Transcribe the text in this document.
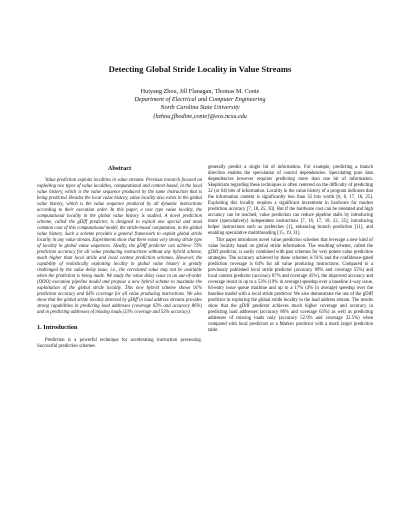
Detecting Global Stride Locality in Value Streams
Huiyang Zhou, Jill Flanagan, Thomas M. Conte
Department of Electrical and Computer Engineering
North Carolina State University
{hzhou,jfbodine,conte}@eos.ncsu.edu
Abstract

Value prediction exploits localities in value streams. Previous research focused on exploiting two types of value localities, computational and context-based, in the local value history, which is the value sequence produced by the same instruction that is being predicted. Besides the local value history, value locality also exists in the global value history, which is the value sequence produced by all dynamic instructions according to their execution order. In this paper, a new type value locality, the computational locality in the global value history is studied. A novel prediction scheme, called the gDiff predictor, is designed to exploit one special and most common case of this computational model, the stride-based computation, in the global value history. Such a scheme provides a general framework to exploit global stride locality in any value stream. Experiments show that there exists very strong stride type of locality in global value sequences. Ideally, the gDiff predictor can achieve 73% prediction accuracy for all value producing instructions without any hybrid scheme, much higher than local stride and local context prediction schemes. However, the capability of realistically exploiting locality in global value history is greatly challenged by the value delay issue, i.e., the correlated value may not be available when the prediction is being made. We study the value delay issue in an out-of-order (OOO) execution pipeline model and propose a new hybrid scheme to maximize the exploitation of the global stride locality. This new hybrid scheme shows 91% prediction accuracy and 64% coverage for all value producing instructions. We also show that the global stride locality detected by gDiff in load address streams provides strong capabilities in predicting load addresses (coverage 63% and accuracy 86%) and in predicting addresses of missing loads (33% coverage and 53% accuracy).

1. Introduction

Prediction is a powerful technique for accelerating instruction processing. Successful prediction schemes

generally predict a single bit of information. For example, predicting a branch direction enables the speculation of control dependencies. Speculating pure data dependencies however requires predicting more than one bit of information. Skepticism regarding these techniques is often centered on the difficulty of predicting 32 (or 64) bits of information. Locality in the value history of a program indicates that the information content is significantly less than 32 bits worth [6, 8, 17, 18, 25]. Exploiting this locality requires a significant investment in hardware for modest prediction accuracy [7, 18, 25, 30]. But if the hardware cost can be tolerated and high accuracy can be reached, value prediction can reduce pipeline stalls by introducing more (speculatively) independent instructions [7, 16, 17, 18, 22, 25], introducing helper instructions such as prefetches [1], enhancing branch prediction [11], and enabling speculative multithreading [15, 19, 31].

This paper introduces novel value prediction schemes that leverage a new kind of value locality based on global stride information. The resulting scheme, called the gDiff predictor, is easily combined with past schemes for very potent value prediction strategies. The accuracy achieved by these schemes is 91% and the confidence-gated prediction coverage is 64% for all value producing instructions. Compared to a previously published local stride predictor (accuracy 89% and coverage 55%) and local context predictor (accuracy 87% and coverage 45%), the improved accuracy and coverage result in up to a 53% (19% in average) speedup over a baseline 4-way issue, 64-entry issue queue machine and up to a 17% (4% in average) speedup over the baseline model with a local stride predictor. We also demonstrate the use of the gDiff predictor in exploring the global stride locality in the load address stream. The results show that the gDiff predictor achieves much higher coverage and accuracy in predicting load addresses (accuracy 86% and coverage 63%) as well as predicting addresses of missing loads only (accuracy 52.9% and coverage 32.5%) when compared with local predictors or a Markov predictor with a much larger prediction table.
